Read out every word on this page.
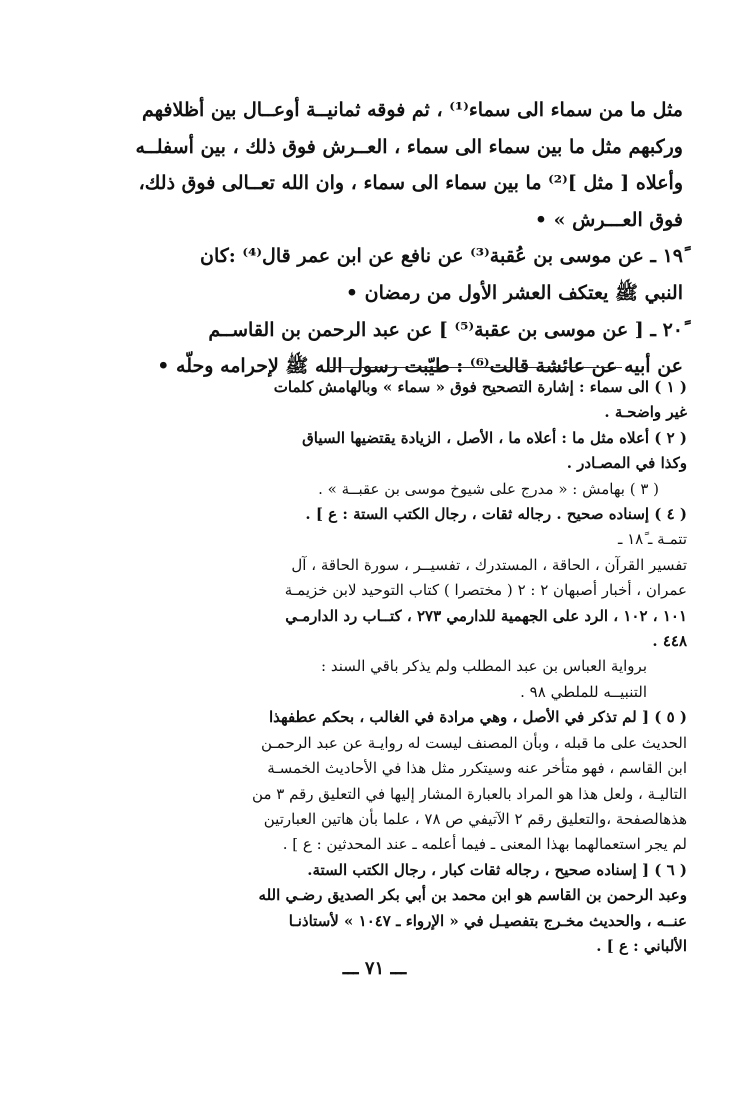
مثل ما من سماء الى سماء⁽¹⁾ ، ثم فوقه ثمانيــة أوعــال بين أظلافهم

وركبهم مثل ما بين سماء الى سماء ، العــرش فوق ذلك ، بين أسفلــه

وأعلاه [ مثل ]⁽²⁾ ما بين سماء الى سماء ، وان الله تعــالى فوق ذلك،

فوق العـــرش » •

١٩ً ـ عن موسى بن عُقبة⁽³⁾ عن نافع عن ابن عمر قال⁽⁴⁾ :كان

النبي ﷺ يعتكف العشر الأول من رمضان •

٢٠ً ـ [ عن موسى بن عقبة⁽⁵⁾ ] عن عبد الرحمن بن القاســم

عن أبيه عن عائشة قالت⁽⁶⁾ : طيّبت رسول الله ﷺ لإحرامه وحلّه •

( ١ ) الى سماء : إشارة التصحيح فوق « سماء » وبالهامش كلمات

غير واضحـة .

( ٢ ) أعلاه مثل ما : أعلاه ما ، الأصل ، الزيادة يقتضيها السياق

وكذا في المصـادر .

( ٣ ) بهامش : « مدرج على شيوخ موسى بن عقبــة » .

( ٤ ) إسناده صحيح . رجاله ثقات ، رجال الكتب الستة : ع ] .

تتمـة ـ ١٨ً ـ

تفسير القرآن ، الحاقة ، المستدرك ، تفسيــر ، سورة الحاقة ، آل

عمران ، أخبار أصبهان ٢ : ٢ ( مختصرا ) كتاب التوحيد لابن خزيمـة

١٠١ ، ١٠٢ ، الرد على الجهمية للدارمي ٢٧٣ ، كتــاب رد الدارمـي

٤٤٨ .

برواية العباس بن عبد المطلب ولم يذكر باقي السند :

التنبيــه للملطي ٩٨ .

( ٥ ) [ لم تذكر في الأصل ، وهي مرادة في الغالب ، بحكم عطفهذا

الحديث على ما قبله ، وبأن المصنف ليست له روايـة عن عبد الرحمـن

ابن القاسم ، فهو متأخر عنه وسيتكرر مثل هذا في الأحاديث الخمسـة

التاليـة ، ولعل هذا هو المراد بالعبارة المشار إليها في التعليق رقم ٣ من

هذهالصفحة ،والتعليق رقم ٢ الآتيفي ص ٧٨ ، علما بأن هاتين العبارتين

لم يجر استعمالهما بهذا المعنى ـ فيما أعلمه ـ عند المحدثين : ع ] .

( ٦ ) [ إسناده صحيح ، رجاله ثقات كبار ، رجال الكتب الستة.

وعبد الرحمن بن القاسم هو ابن محمد بن أبي بكر الصديق رضـي الله

عنــه ، والحديث مخـرج بتفصيـل في « الإرواء ـ ١٠٤٧ » لأستاذنـا

الألباني : ع ] .

ـــ ٧١ ـــ
